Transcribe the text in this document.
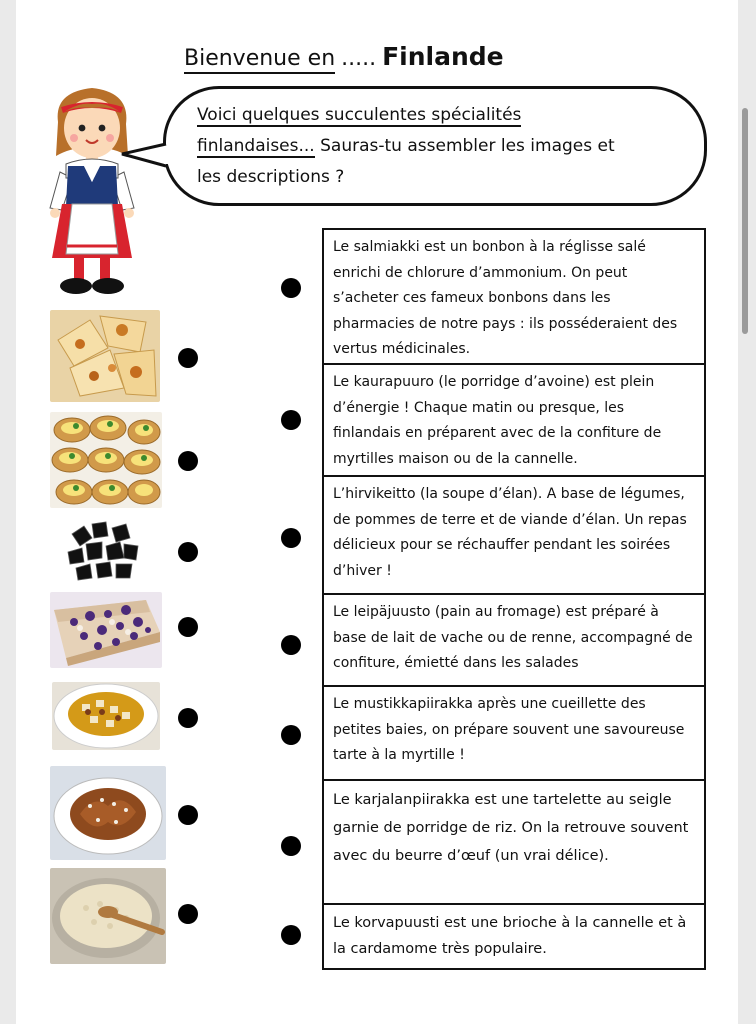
Bienvenue en ..... Finlande
Voici quelques succulentes spécialités
finlandaises... Sauras-tu assembler les images et
les descriptions ?
Le salmiakki est un bonbon à la réglisse salé enrichi de chlorure d’ammonium. On peut s’acheter ces fameux bonbons dans les pharmacies de notre pays : ils posséderaient des vertus médicinales.
Le kaurapuuro (le porridge d’avoine) est plein d’énergie ! Chaque matin ou presque, les finlandais en préparent avec de la confiture de myrtilles maison ou de la cannelle.
L’hirvikeitto (la soupe d’élan). A base de légumes, de pommes de terre et de viande d’élan. Un repas délicieux pour se réchauffer pendant les soirées d’hiver !
Le leipäjuusto (pain au fromage) est préparé à base de lait de vache ou de renne, accompagné de confiture, émietté dans les salades
Le mustikkapiirakka après une cueillette des petites baies, on prépare souvent une savoureuse tarte à la myrtille !
Le karjalanpiirakka est une tartelette au seigle garnie de porridge de riz. On la retrouve souvent avec du beurre d’œuf (un vrai délice).
Le korvapuusti est une brioche à la cannelle et à la cardamome très populaire.
